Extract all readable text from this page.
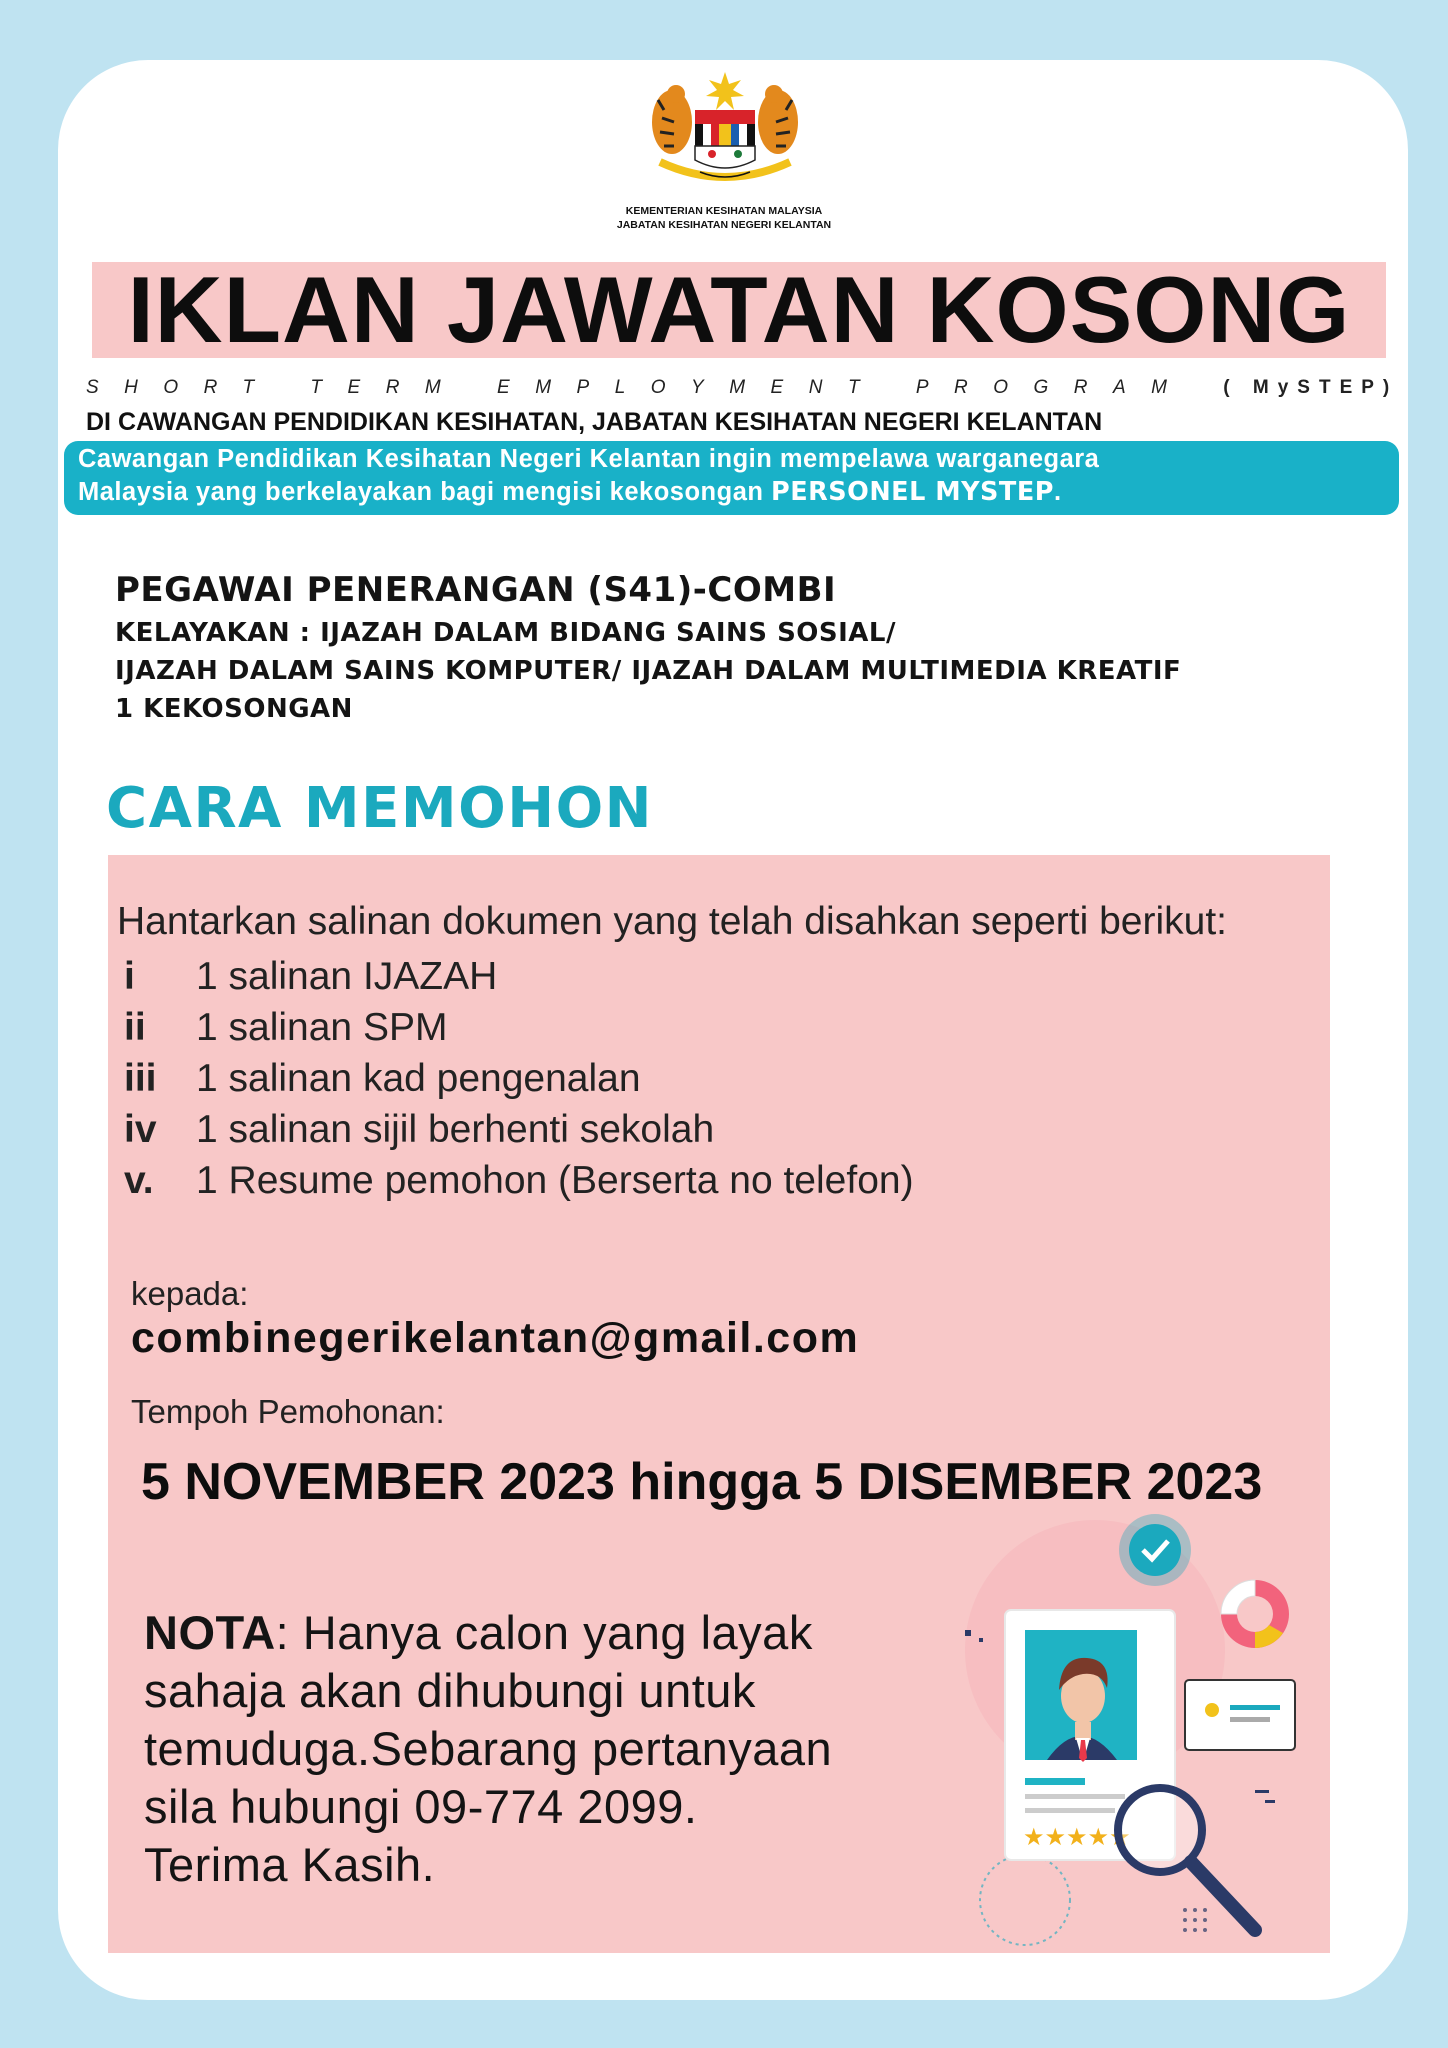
KEMENTERIAN KESIHATAN MALAYSIA
JABATAN KESIHATAN NEGERI KELANTAN
IKLAN JAWATAN KOSONG
SHORT TERM EMPLOYMENT PROGRAM ( MySTEP)
DI CAWANGAN PENDIDIKAN KESIHATAN, JABATAN KESIHATAN NEGERI KELANTAN
Cawangan Pendidikan Kesihatan Negeri Kelantan ingin mempelawa warganegara
Malaysia yang berkelayakan bagi mengisi kekosongan PERSONEL MYSTEP.
PEGAWAI PENERANGAN (S41)-COMBI
KELAYAKAN : IJAZAH DALAM BIDANG SAINS SOSIAL/
IJAZAH DALAM SAINS KOMPUTER/ IJAZAH DALAM MULTIMEDIA KREATIF
1 KEKOSONGAN
CARA MEMOHON
Hantarkan salinan dokumen yang telah disahkan seperti berikut:
i 1 salinan IJAZAH
ii 1 salinan SPM
iii 1 salinan kad pengenalan
iv 1 salinan sijil berhenti sekolah
v. 1 Resume pemohon (Berserta no telefon)
kepada:
combinegerikelantan@gmail.com
Tempoh Pemohonan:
5 NOVEMBER 2023 hingga 5 DISEMBER 2023
NOTA: Hanya calon yang layak
sahaja akan dihubungi untuk
temuduga.Sebarang pertanyaan
sila hubungi 09-774 2099.
Terima Kasih.
★★★★★
